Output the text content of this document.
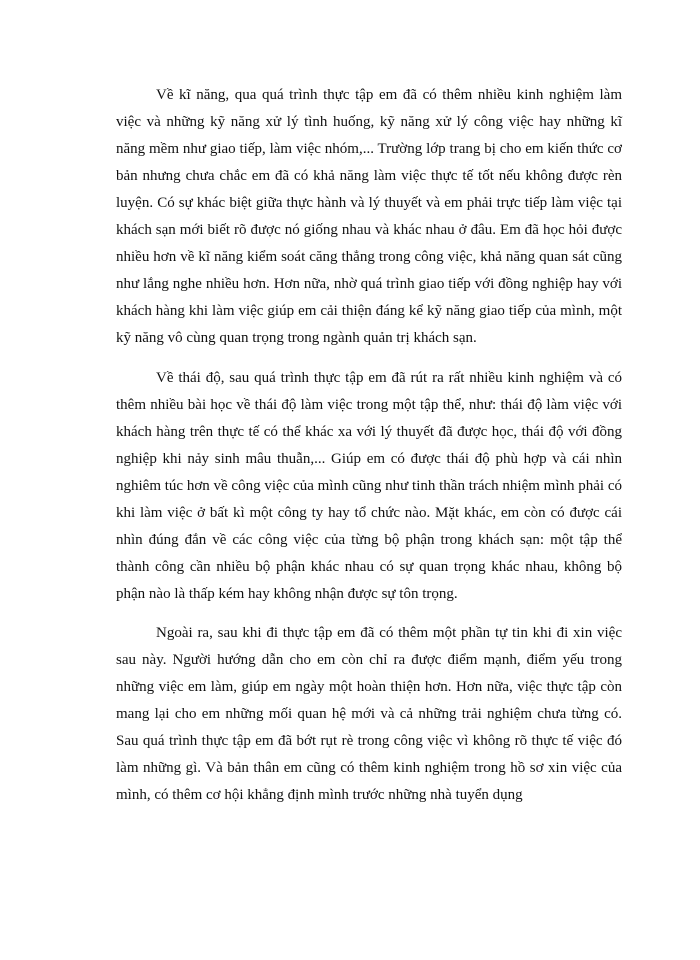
Về kĩ năng, qua quá trình thực tập em đã có thêm nhiều kinh nghiệm làm việc và những kỹ năng xử lý tình huống, kỹ năng xử lý công việc hay những kĩ năng mềm như giao tiếp, làm việc nhóm,... Trường lớp trang bị cho em kiến thức cơ bản nhưng chưa chắc em đã có khả năng làm việc thực tế tốt nếu không được rèn luyện. Có sự khác biệt giữa thực hành và lý thuyết và em phải trực tiếp làm việc tại khách sạn mới biết rõ được nó giống nhau và khác nhau ở đâu. Em đã học hỏi được nhiều hơn về kĩ năng kiểm soát căng thẳng trong công việc, khả năng quan sát cũng như lắng nghe nhiều hơn. Hơn nữa, nhờ quá trình giao tiếp với đồng nghiệp hay với khách hàng khi làm việc giúp em cải thiện đáng kể kỹ năng giao tiếp của mình, một kỹ năng vô cùng quan trọng trong ngành quản trị khách sạn.

Về thái độ, sau quá trình thực tập em đã rút ra rất nhiều kinh nghiệm và có thêm nhiều bài học về thái độ làm việc trong một tập thể, như: thái độ làm việc với khách hàng trên thực tế có thể khác xa với lý thuyết đã được học, thái độ với đồng nghiệp khi nảy sinh mâu thuẫn,... Giúp em có được thái độ phù hợp và cái nhìn nghiêm túc hơn về công việc của mình cũng như tinh thần trách nhiệm mình phải có khi làm việc ở bất kì một công ty hay tổ chức nào. Mặt khác, em còn có được cái nhìn đúng đắn về các công việc của từng bộ phận trong khách sạn: một tập thể thành công cần nhiều bộ phận khác nhau có sự quan trọng khác nhau, không bộ phận nào là thấp kém hay không nhận được sự tôn trọng.

Ngoài ra, sau khi đi thực tập em đã có thêm một phần tự tin khi đi xin việc sau này. Người hướng dẫn cho em còn chỉ ra được điểm mạnh, điểm yếu trong những việc em làm, giúp em ngày một hoàn thiện hơn. Hơn nữa, việc thực tập còn mang lại cho em những mối quan hệ mới và cả những trải nghiệm chưa từng có. Sau quá trình thực tập em đã bớt rụt rè trong công việc vì không rõ thực tế việc đó làm những gì. Và bản thân em cũng có thêm kinh nghiệm trong hồ sơ xin việc của mình, có thêm cơ hội khẳng định mình trước những nhà tuyển dụng
